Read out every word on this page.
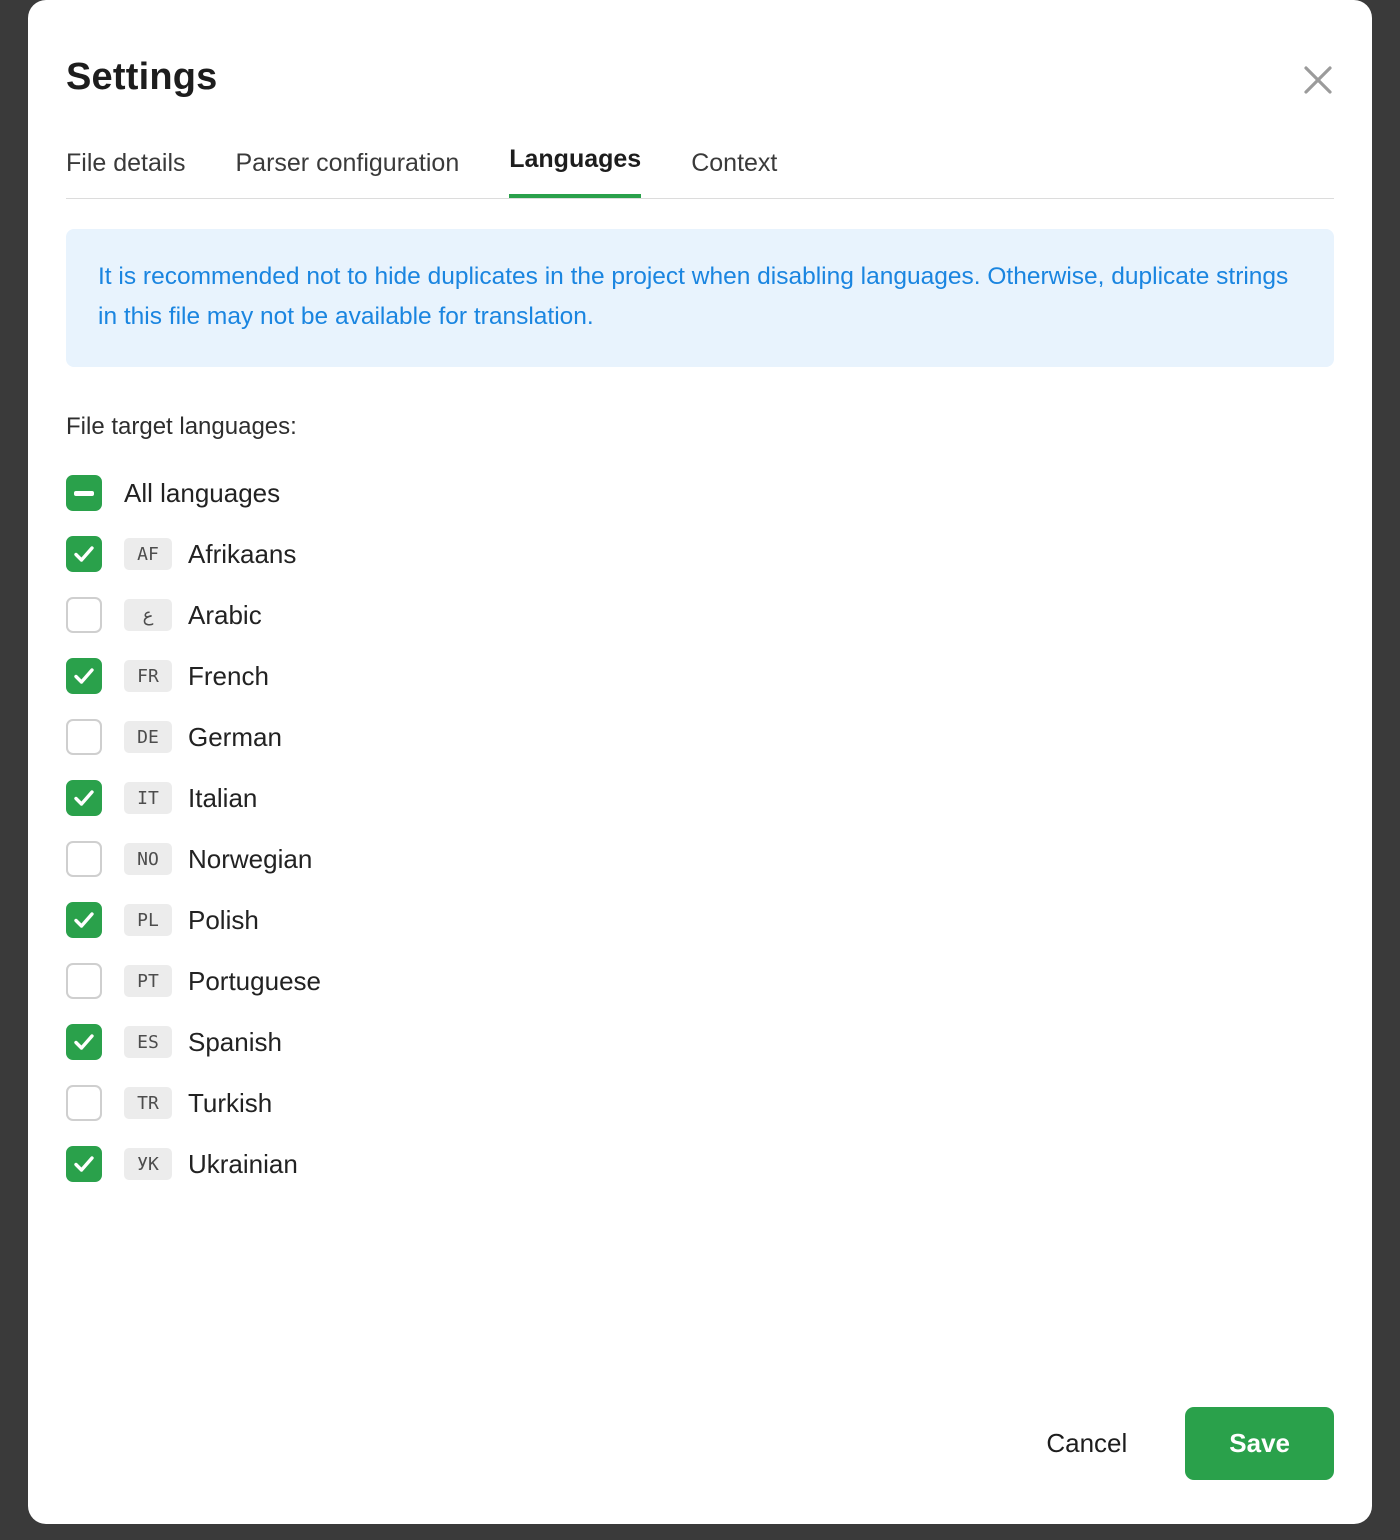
Settings
File details Parser configuration Languages Context
It is recommended not to hide duplicates in the project when disabling languages. Otherwise, duplicate strings in this file may not be available for translation.
File target languages:
All languages
AF	Afrikaans
ع	Arabic
FR	French
DE	German
IT	Italian
NO	Norwegian
PL	Polish
PT	Portuguese
ES	Spanish
TR	Turkish
УК	Ukrainian
Cancel	Save
